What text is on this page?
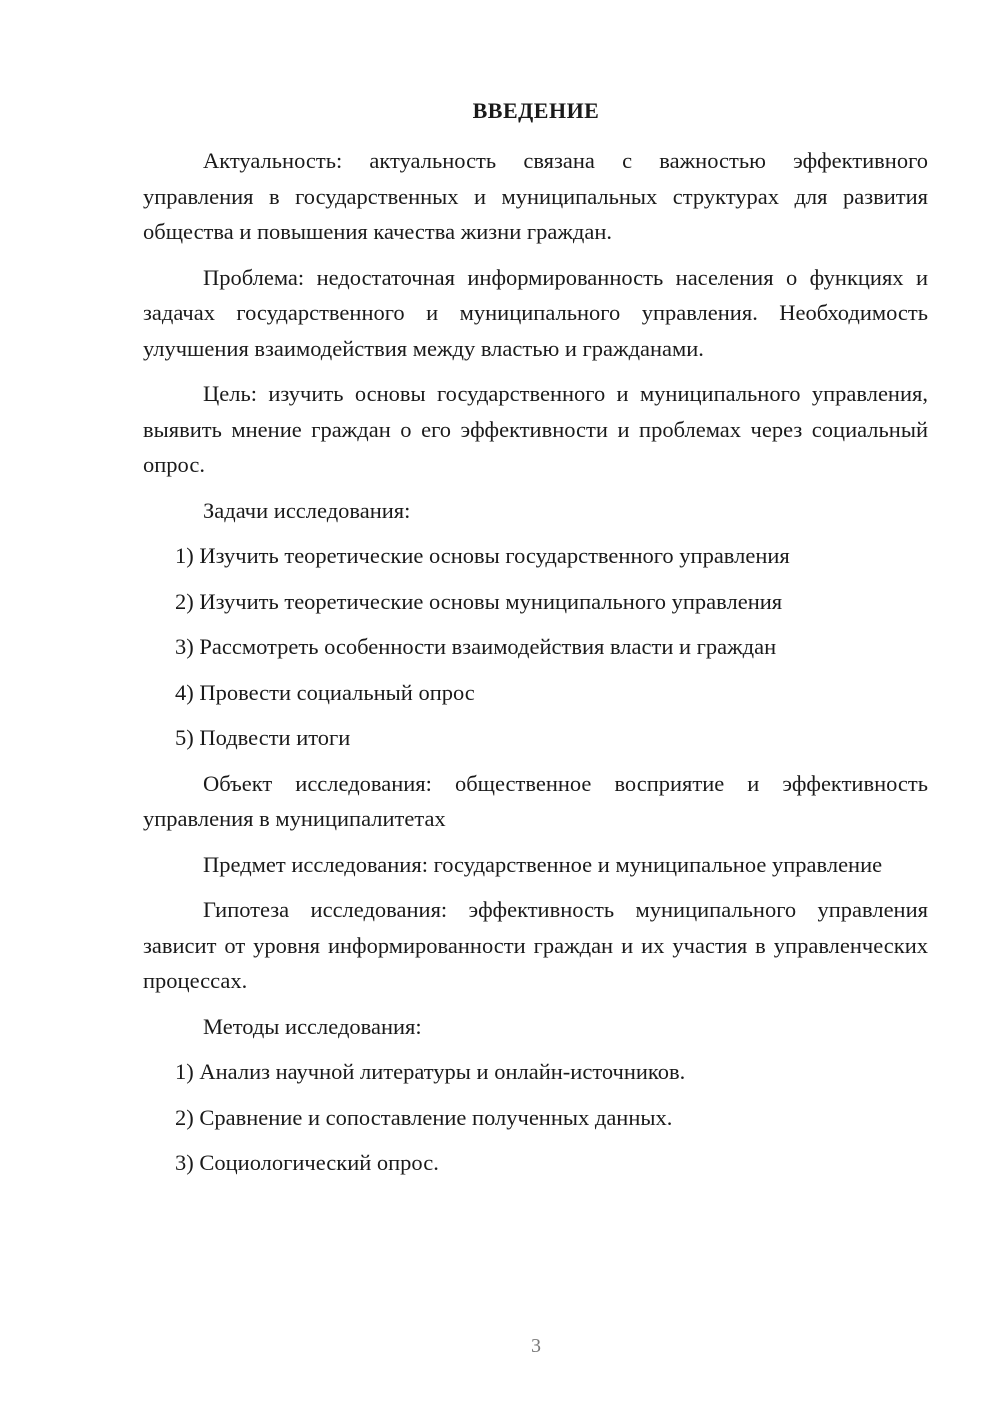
ВВЕДЕНИЕ

Актуальность: актуальность связана с важностью эффективного управления в государственных и муниципальных структурах для развития общества и повышения качества жизни граждан.

Проблема: недостаточная информированность населения о функциях и задачах государственного и муниципального управления. Необходимость улучшения взаимодействия между властью и гражданами.

Цель: изучить основы государственного и муниципального управления, выявить мнение граждан о его эффективности и проблемах через социальный опрос.

Задачи исследования:

1) Изучить теоретические основы государственного управления
2) Изучить теоретические основы муниципального управления
3) Рассмотреть особенности взаимодействия власти и граждан
4) Провести социальный опрос
5) Подвести итоги

Объект исследования: общественное восприятие и эффективность управления в муниципалитетах

Предмет исследования: государственное и муниципальное управление

Гипотеза исследования: эффективность муниципального управления зависит от уровня информированности граждан и их участия в управленческих процессах.

Методы исследования:

1) Анализ научной литературы и онлайн-источников.
2) Сравнение и сопоставление полученных данных.
3) Социологический опрос.
3
